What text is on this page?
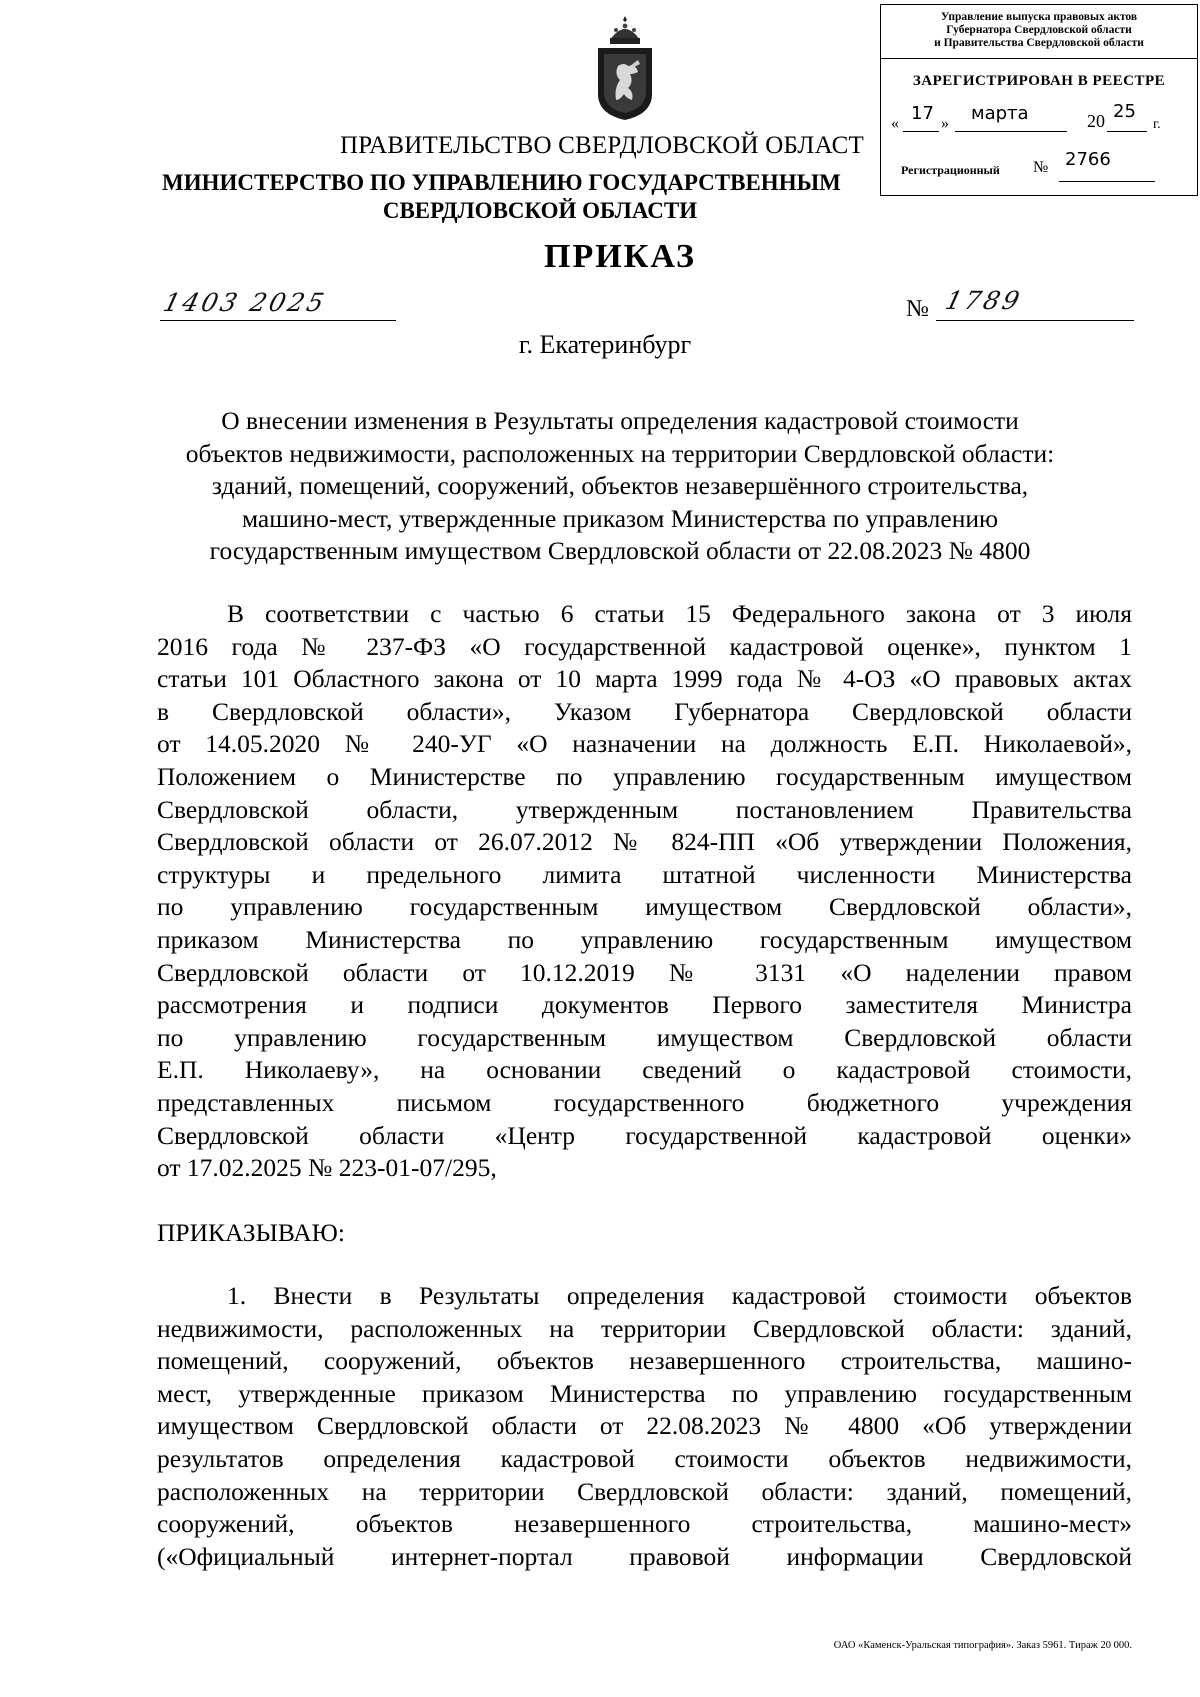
ПРАВИТЕЛЬСТВО СВЕРДЛОВСКОЙ ОБЛАСТ
МИНИСТЕРСТВО ПО УПРАВЛЕНИЮ ГОСУДАРСТВЕННЫМ
СВЕРДЛОВСКОЙ ОБЛАСТИ
Управление выпуска правовых актов
Губернатора Свердловской области
и Правительства Свердловской области
ЗАРЕГИСТРИРОВАН В РЕЕСТРЕ
« 17 » марта	20 25
г.
Регистрационный № 2766
ПРИКАЗ
1403 2025	№ 1789
г. Екатеринбург
О внесении изменения в Результаты определения кадастровой стоимости
объектов недвижимости, расположенных на территории Свердловской области:
зданий, помещений, сооружений, объектов незавершённого строительства,
машино-мест, утвержденные приказом Министерства по управлению
государственным имуществом Свердловской области от 22.08.2023 № 4800
В соответствии с частью 6 статьи 15 Федерального закона от 3 июля
2016 года № 237-ФЗ «О государственной кадастровой оценке», пунктом 1
статьи 101 Областного закона от 10 марта 1999 года № 4-ОЗ «О правовых актах
в Свердловской области», Указом Губернатора Свердловской области
от 14.05.2020 № 240-УГ «О назначении на должность Е.П. Николаевой»,
Положением о Министерстве по управлению государственным имуществом
Свердловской области, утвержденным постановлением Правительства
Свердловской области от 26.07.2012 № 824-ПП «Об утверждении Положения,
структуры и предельного лимита штатной численности Министерства
по управлению государственным имуществом Свердловской области»,
приказом Министерства по управлению государственным имуществом
Свердловской области от 10.12.2019 № 3131 «О наделении правом
рассмотрения и подписи документов Первого заместителя Министра
по управлению государственным имуществом Свердловской области
Е.П. Николаеву», на основании сведений о кадастровой стоимости,
представленных письмом государственного бюджетного учреждения
Свердловской области «Центр государственной кадастровой оценки»
от 17.02.2025 № 223-01-07/295,
ПРИКАЗЫВАЮ:
1. Внести в Результаты определения кадастровой стоимости объектов
недвижимости, расположенных на территории Свердловской области: зданий,
помещений, сооружений, объектов незавершенного строительства, машино-
мест, утвержденные приказом Министерства по управлению государственным
имуществом Свердловской области от 22.08.2023 № 4800 «Об утверждении
результатов определения кадастровой стоимости объектов недвижимости,
расположенных на территории Свердловской области: зданий, помещений,
сооружений, объектов незавершенного строительства, машино-мест»
(«Официальный интернет-портал правовой информации Свердловской
ОАО «Каменск-Уральская типография». Заказ 5961. Тираж 20 000.
